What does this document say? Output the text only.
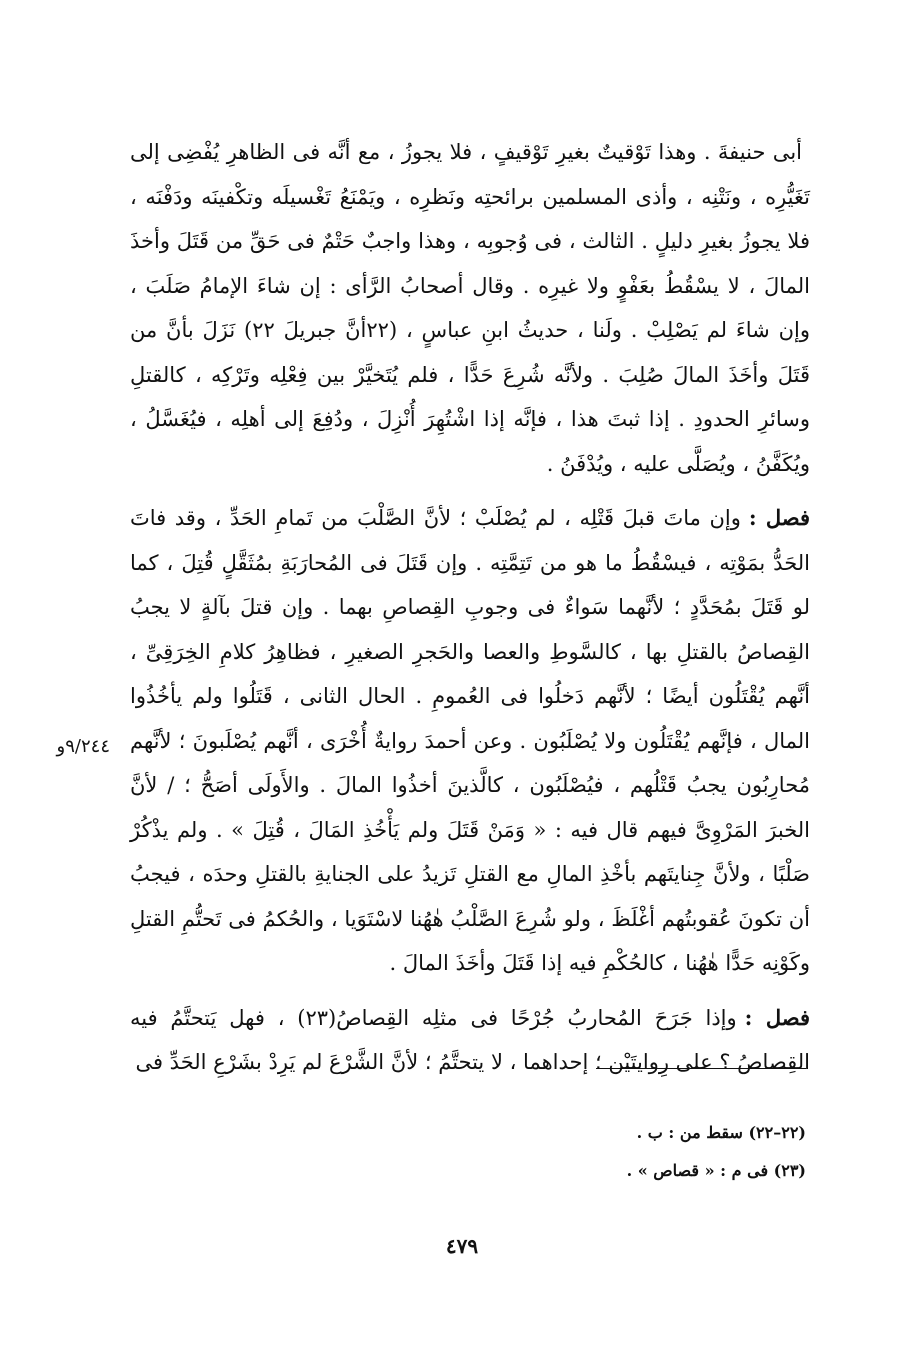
أبى حنيفةَ . وهذا تَوْقيتٌ بغيرِ تَوْقيفٍ ، فلا يجوزُ ، مع أنَّه فى الظاهرِ يُفْضِى إلى تَغَيُّرِه ، ونَتْنِه ، وأذى المسلمين برائحتِه ونَظرِه ، ويَمْنَعُ تَغْسيلَه وتكْفينَه ودَفْنَه ، فلا يجوزُ بغيرِ دليلٍ . الثالث ، فى وُجوبِه ، وهذا واجبٌ حَتْمٌ فى حَقِّ من قَتَلَ وأخذَ المالَ ، لا يسْقُطُ بعَفْوٍ ولا غيرِه . وقال أصحابُ الرَّأى : إن شاءَ الإمامُ صَلَبَ ، وإن شاءَ لم يَصْلِبْ . ولَنا ، حديثُ ابنِ عباسٍ ، (٢٢أنَّ جبريلَ ٢٢) نَزَلَ بأنَّ من قَتَلَ وأخَذَ المالَ صُلِبَ . ولأنَّه شُرِعَ حَدًّا ، فلم يُتَخيَّرْ بين فِعْلِه وتَرْكِه ، كالقتلِ وسائرِ الحدودِ . إذا ثبتَ هذا ، فإنَّه إذا اشْتُهِرَ أُنْزِلَ ، ودُفِعَ إلى أهلِه ، فيُغَسَّلُ ، ويُكَفَّنُ ، ويُصَلَّى عليه ، ويُدْفَنُ .

فصل :وإن ماتَ قبلَ قَتْلِه ، لم يُصْلَبْ ؛ لأنَّ الصَّلْبَ من تَمامِ الحَدِّ ، وقد فاتَ الحَدُّ بمَوْتِه ، فيسْقُطُ ما هو من تَتِمَّتِه . وإن قَتَلَ فى المُحارَبَةِ بمُثَقَّلٍ قُتِلَ ، كما لو قَتَلَ بمُحَدَّدٍ ؛ لأنَّهما سَواءٌ فى وجوبِ القِصاصِ بهما . وإن قتلَ بآلةٍ لا يجبُ القِصاصُ بالقتلِ بها ، كالسَّوطِ والعصا والحَجرِ الصغيرِ ، فظاهِرُ كلامِ الخِرَقِىِّ ، أنَّهم يُقْتَلُون أيضًا ؛ لأنَّهم دَخلُوا فى العُمومِ . الحال الثانى ، قَتَلُوا ولم يأخُذُوا المال ، فإنَّهم يُقْتَلُون ولا يُصْلَبُون . وعن أحمدَ روايةٌ أُخْرَى ، أنَّهم يُصْلَبونَ ؛ لأنَّهم مُحارِبُون يجبُ قَتْلُهم ، فيُصْلَبُون ، كالَّذينَ أخذُوا المالَ . والأَولَى أصَحُّ ؛ / لأنَّ الخبرَ المَرْوِىَّ فيهم قال فيه : « وَمَنْ قَتَلَ ولم يَأْخُذِ المَالَ ، قُتِلَ » . ولم يذْكُرْ صَلْبًا ، ولأنَّ جِنايتَهم بأخْذِ المالِ مع القتلِ تَزيدُ على الجنايةِ بالقتلِ وحدَه ، فيجبُ أن تكونَ عُقوبتُهم أغْلَظَ ، ولو شُرِعَ الصَّلْبُ هٰهُنا لاسْتَوَيا ، والحُكمُ فى تَحتُّمِ القتلِ وكَوْنِه حَدًّا هٰهُنا ، كالحُكْمِ فيه إذا قَتَلَ وأخَذَ المالَ .

فصل :وإذا جَرَحَ المُحاربُ جُرْحًا فى مثلِه القِصاصُ(٢٣) ، فهل يَتحتَّمُ فيه القِصاصُ ؟ على رِوايتَيْن ؛ إحداهما ، لا يتحتَّمُ ؛ لأنَّ الشَّرْعَ لم يَرِدْ بشَرْعِ الحَدِّ فى

٩/٢٤٤و

(٢٢–٢٢) سقط من : ب .

(٢٣) فى م : « قصاص » .

٤٧٩
